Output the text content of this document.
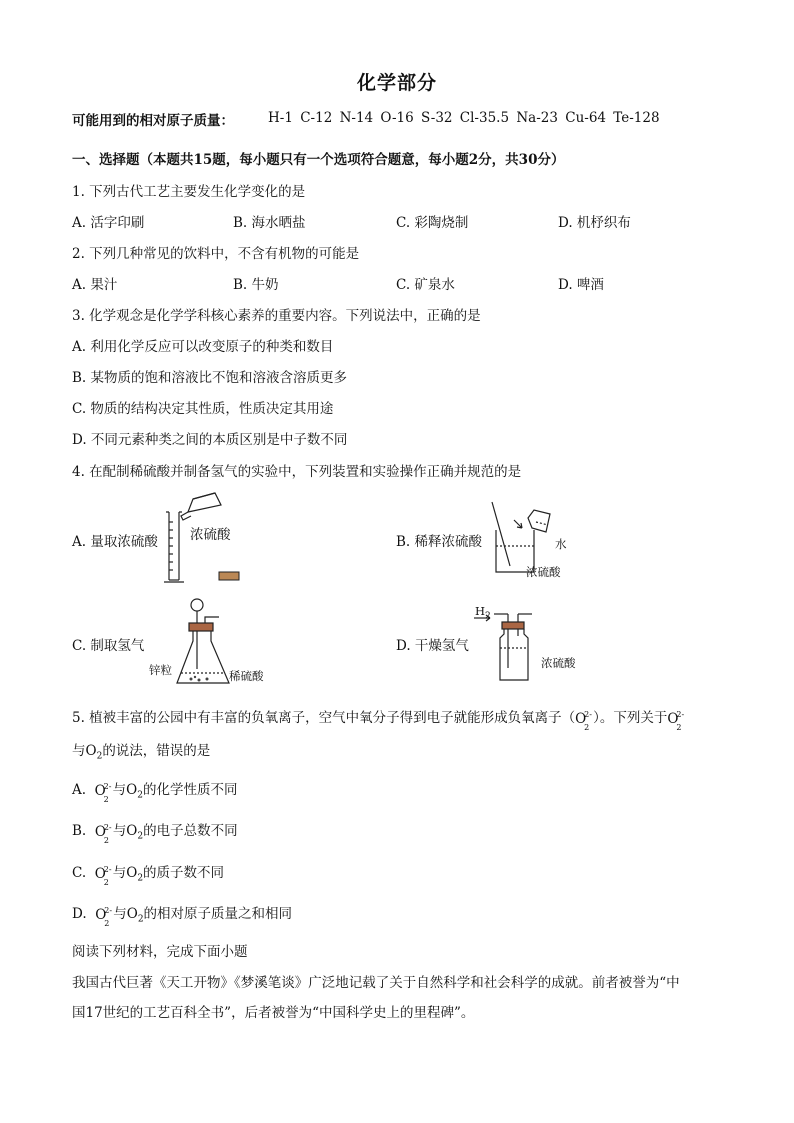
化学部分
可能用到的相对原子质量：	H-1 C-12 N-14 O-16 S-32 Cl-35.5 Na-23 Cu-64 Te-128
一、选择题（本题共15题，每小题只有一个选项符合题意，每小题2分，共30分）
1. 下列古代工艺主要发生化学变化的是
A. 活字印刷	B. 海水晒盐	C. 彩陶烧制	D. 机杼织布
2. 下列几种常见的饮料中，不含有机物的可能是
A. 果汁	B. 牛奶	C. 矿泉水	D. 啤酒
3. 化学观念是化学学科核心素养的重要内容。下列说法中，正确的是
A. 利用化学反应可以改变原子的种类和数目
B. 某物质的饱和溶液比不饱和溶液含溶质更多
C. 物质的结构决定其性质，性质决定其用途
D. 不同元素种类之间的本质区别是中子数不同
4. 在配制稀硫酸并制备氢气的实验中，下列装置和实验操作正确并规范的是
A. 量取浓硫酸	B. 稀释浓硫酸
C. 制取氢气	D. 干燥氢气
浓硫酸
水
浓硫酸
锌粒	稀硫酸
$H_2$
浓硫酸
5. 植被丰富的公园中有丰富的负氧离子，空气中氧分子得到电子就能形成负氧离子（ O
2-
2
）。下列关于 O
2-
2
与$O_2$的说法，错误的是
A. O
2-
2
与$O_2$的化学性质不同
B. O
2-
2
与$O_2$的电子总数不同
C. O
2-
2
与$O_2$的质子数不同
D. O
2-
2
与$O_2$的相对原子质量之和相同
阅读下列材料，完成下面小题
我国古代巨著《天工开物》《梦溪笔谈》广泛地记载了关于自然科学和社会科学的成就。前者被誉为“中
国17世纪的工艺百科全书”，后者被誉为“中国科学史上的里程碑”。
